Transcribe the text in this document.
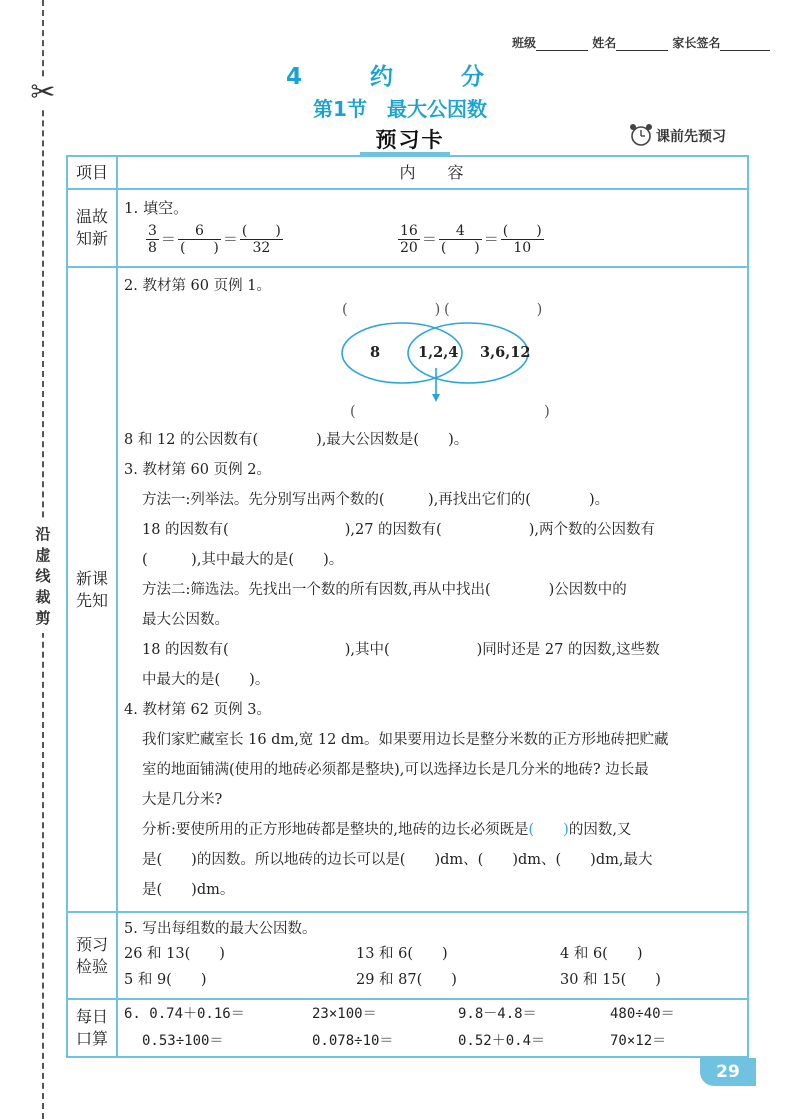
✂
沿虚线裁剪
班级	姓名	家长签名
4 约 分
第1节　最大公因数
预习卡	课前先预习
项目	内　　容
温故知新
1. 填空。
$\frac{3}{8} = \frac{6}{( )} = \frac{( )}{32}$	$\frac{16}{20} = \frac{4}{( )} = \frac{( )}{10}$
新课先知
2. 教材第 60 页例 1。
(　　　　　　) (　　　　　　)
8	1,2,4 3,6,12
(　　　　　　　　　　　　　)
8 和 12 的公因数有(　　　　),最大公因数是(　　)。
3. 教材第 60 页例 2。
方法一:列举法。先分别写出两个数的(　　　),再找出它们的(　　　　)。
18 的因数有(　　　　　　　　),27 的因数有(　　　　　　),两个数的公因数有
(　　　),其中最大的是(　　)。
方法二:筛选法。先找出一个数的所有因数,再从中找出(　　　　)公因数中的
最大公因数。
18 的因数有(　　　　　　　　),其中(　　　　　　)同时还是 27 的因数,这些数
中最大的是(　　)。
4. 教材第 62 页例 3。
我们家贮藏室长 16 dm,宽 12 dm。如果要用边长是整分米数的正方形地砖把贮藏
室的地面铺满(使用的地砖必须都是整块),可以选择边长是几分米的地砖? 边长最
大是几分米?
分析:要使所用的正方形地砖都是整块的,地砖的边长必须既是(　　)的因数,又
是(　　)的因数。所以地砖的边长可以是(　　)dm、(　　)dm、(　　)dm,最大
是(　　)dm。
预习检验
5. 写出每组数的最大公因数。
26 和 13(　　)	13 和 6(　　)	4 和 6(　　)
5 和 9(　　)	29 和 87(　　)	30 和 15(　　)
每日口算
6. 0.74＋0.16＝	23×100＝	9.8－4.8＝	480÷40＝
0.53÷100＝	0.078÷10＝	0.52＋0.4＝	70×12＝
29
